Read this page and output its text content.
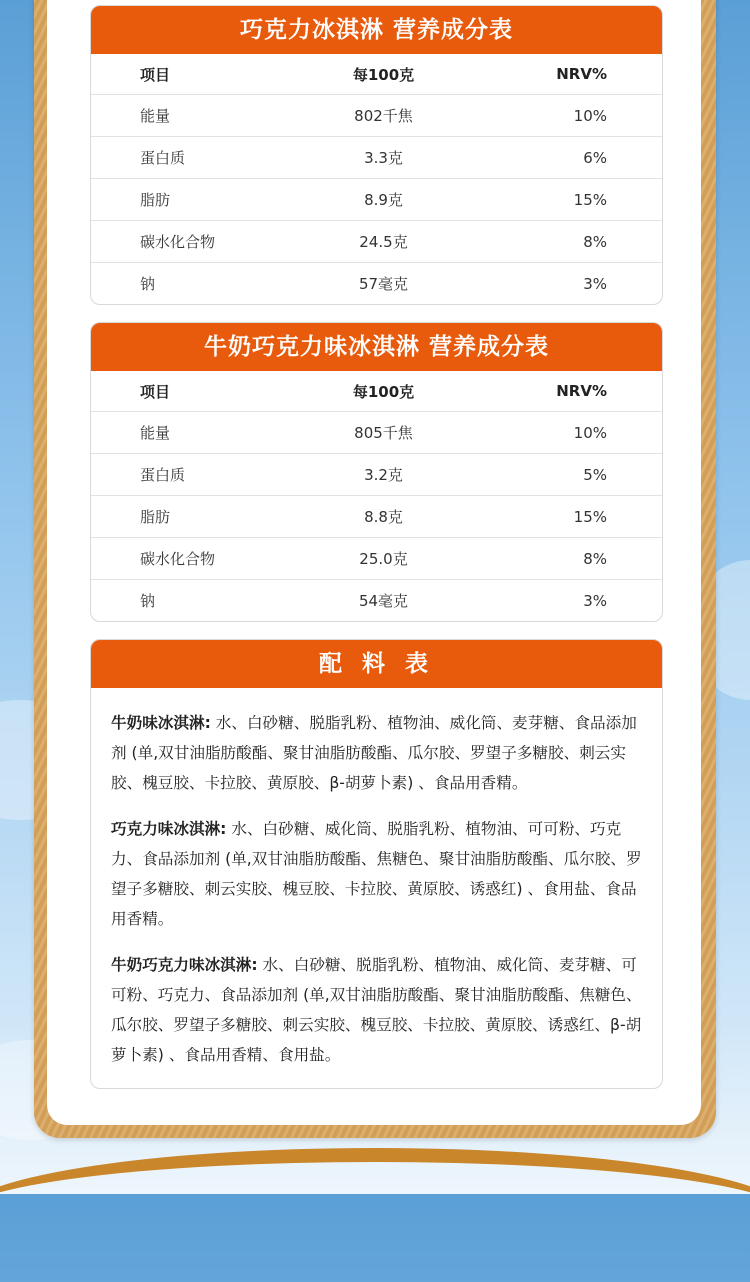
巧克力冰淇淋 营养成分表
项目	每100克	NRV%
能量	802千焦	10%
蛋白质	3.3克	6%
脂肪	8.9克	15%
碳水化合物	24.5克	8%
钠	57毫克	3%
牛奶巧克力味冰淇淋 营养成分表
项目	每100克	NRV%
能量	805千焦	10%
蛋白质	3.2克	5%
脂肪	8.8克	15%
碳水化合物	25.0克	8%
钠	54毫克	3%
配 料 表

牛奶味冰淇淋: 水、白砂糖、脱脂乳粉、植物油、威化筒、麦芽糖、食品添加剂 (单,双甘油脂肪酸酯、聚甘油脂肪酸酯、瓜尔胶、罗望子多糖胶、刺云实胶、槐豆胶、卡拉胶、黄原胶、β-胡萝卜素) 、食品用香精。

巧克力味冰淇淋: 水、白砂糖、威化筒、脱脂乳粉、植物油、可可粉、巧克力、食品添加剂 (单,双甘油脂肪酸酯、焦糖色、聚甘油脂肪酸酯、瓜尔胶、罗望子多糖胶、刺云实胶、槐豆胶、卡拉胶、黄原胶、诱惑红) 、食用盐、食品用香精。

牛奶巧克力味冰淇淋: 水、白砂糖、脱脂乳粉、植物油、威化筒、麦芽糖、可可粉、巧克力、食品添加剂 (单,双甘油脂肪酸酯、聚甘油脂肪酸酯、焦糖色、瓜尔胶、罗望子多糖胶、刺云实胶、槐豆胶、卡拉胶、黄原胶、诱惑红、β-胡萝卜素) 、食品用香精、食用盐。
